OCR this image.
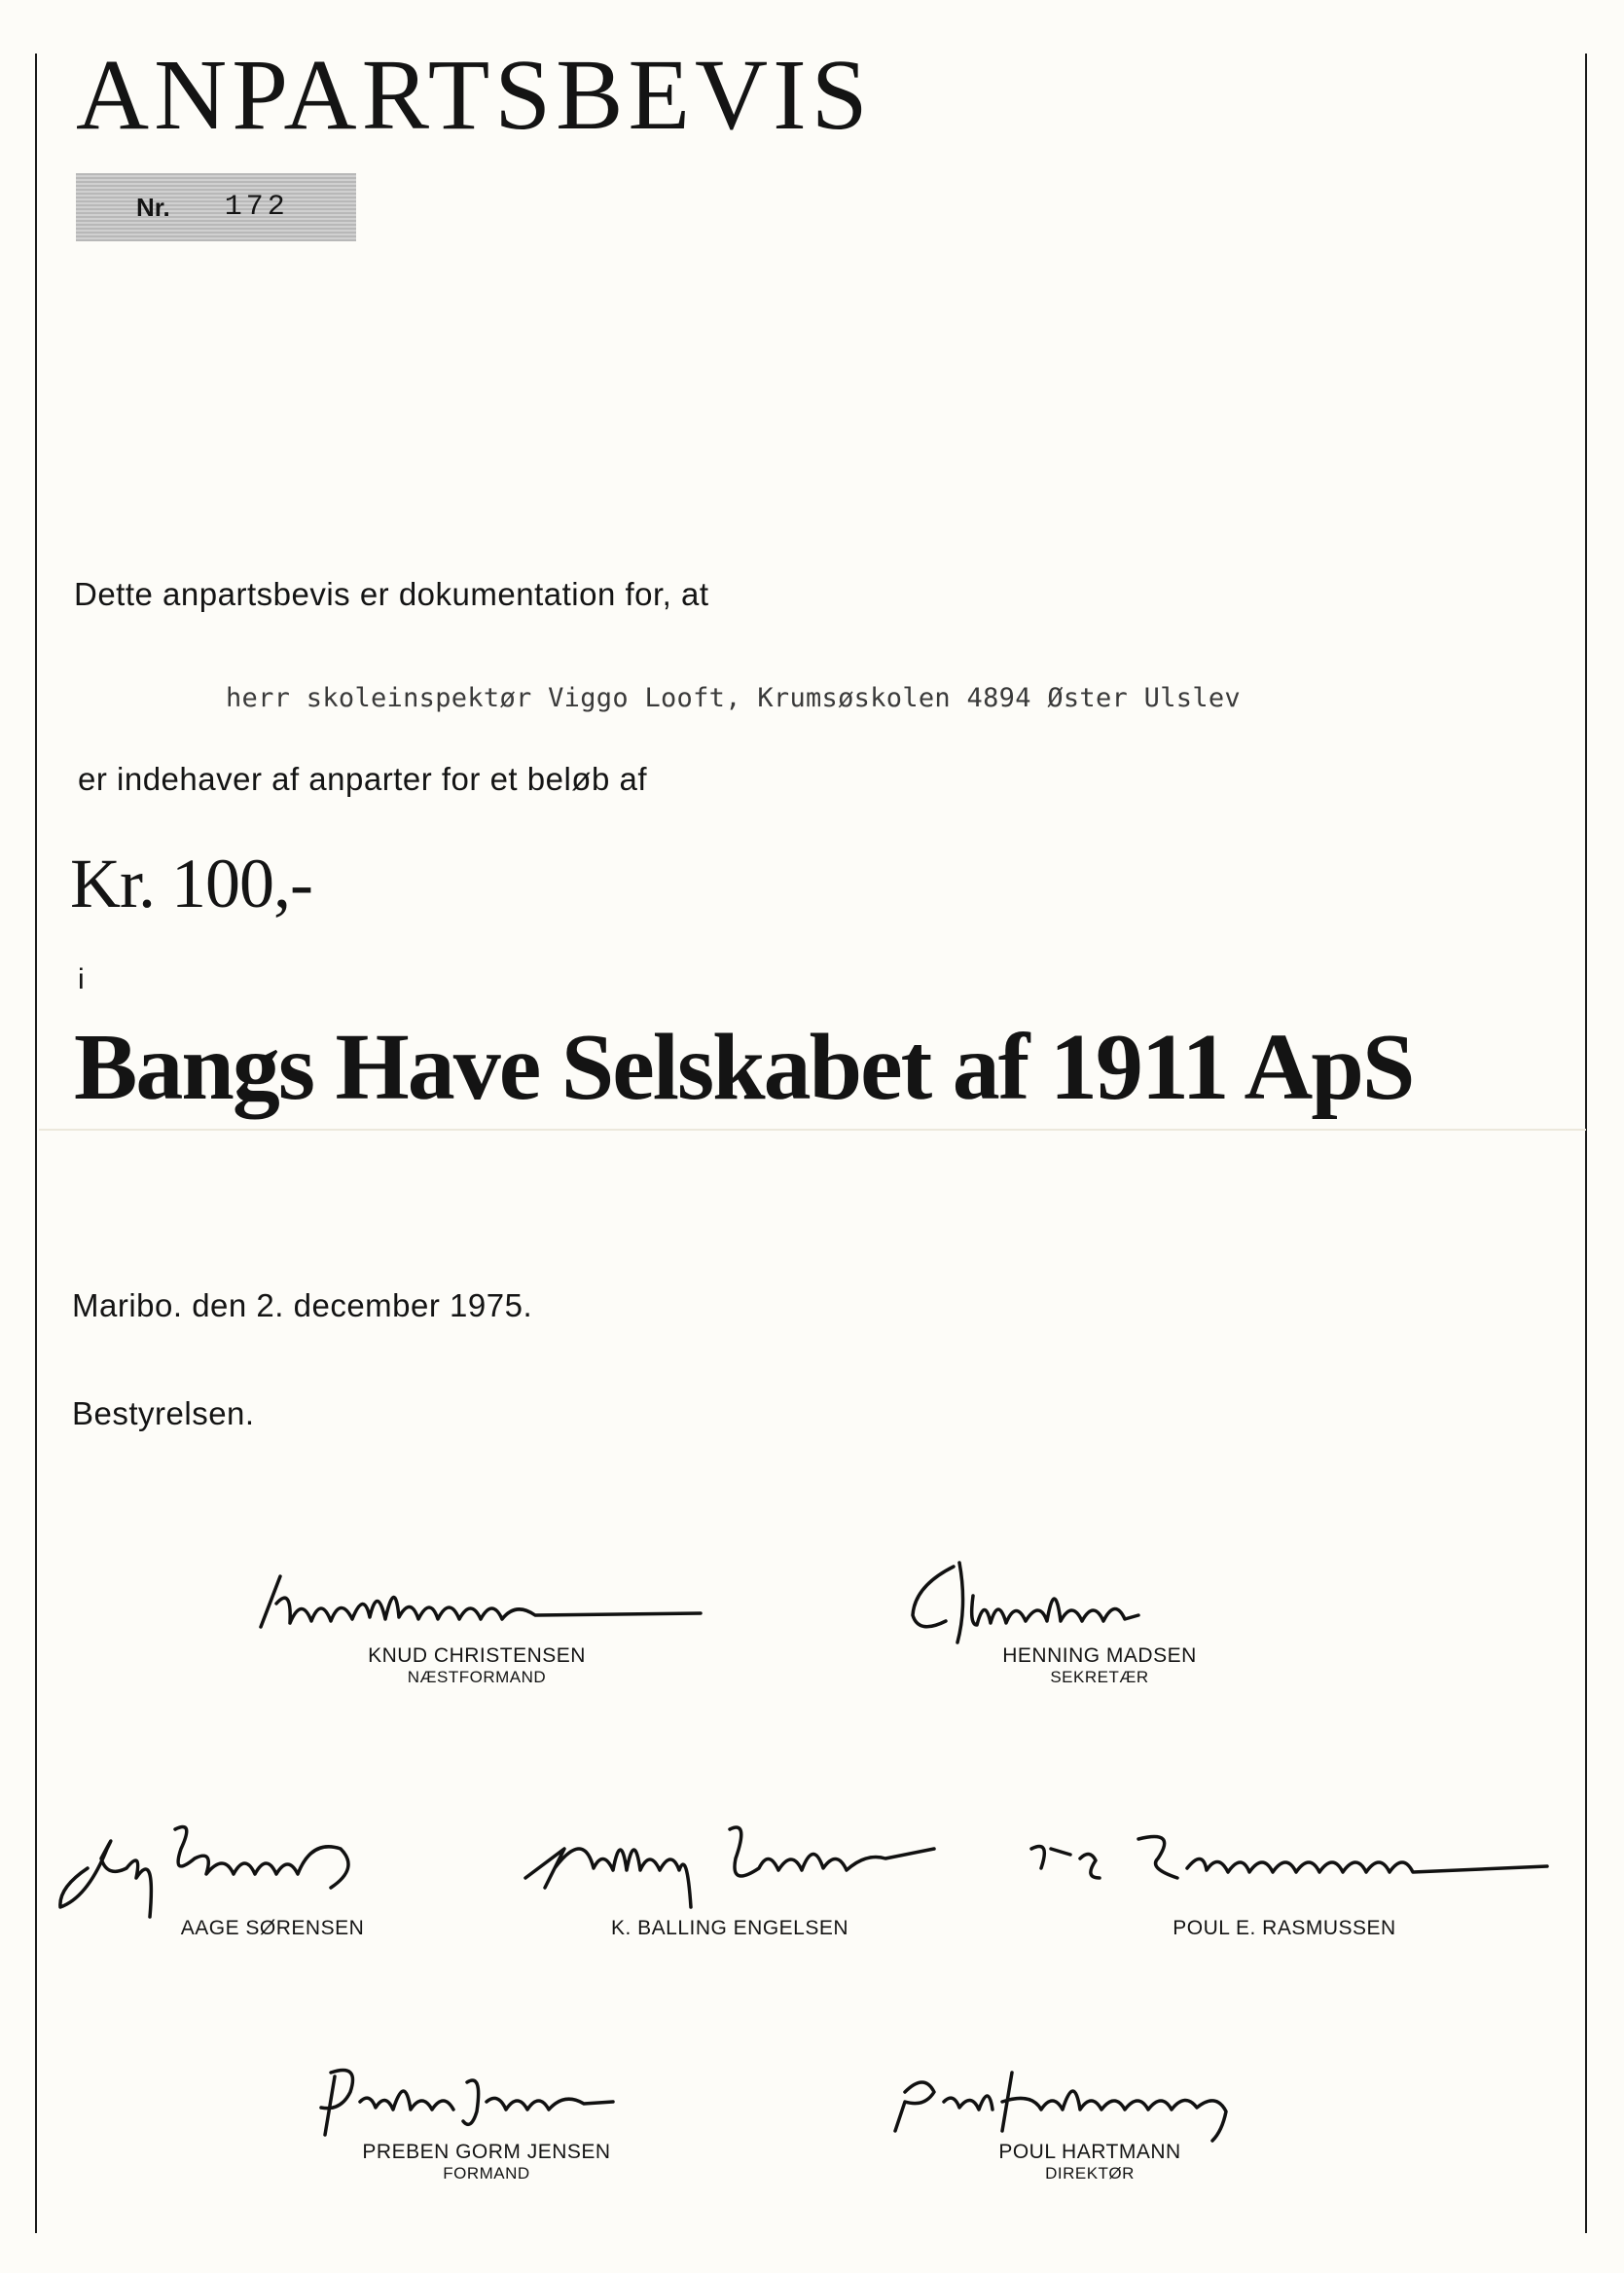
ANPARTSBEVIS
Nr. 172
Dette anpartsbevis er dokumentation for, at
herr skoleinspektør Viggo Looft, Krumsøskolen 4894 Øster Ulslev
er indehaver af anparter for et beløb af
Kr. 100,-
i
Bangs Have Selskabet af 1911 ApS
Maribo. den 2. december 1975.
Bestyrelsen.
KNUD CHRISTENSEN
NÆSTFORMAND
HENNING MADSEN
SEKRETÆR
AAGE SØRENSEN	K. BALLING ENGELSEN	POUL E. RASMUSSEN
PREBEN GORM JENSEN
FORMAND
POUL HARTMANN
DIREKTØR
